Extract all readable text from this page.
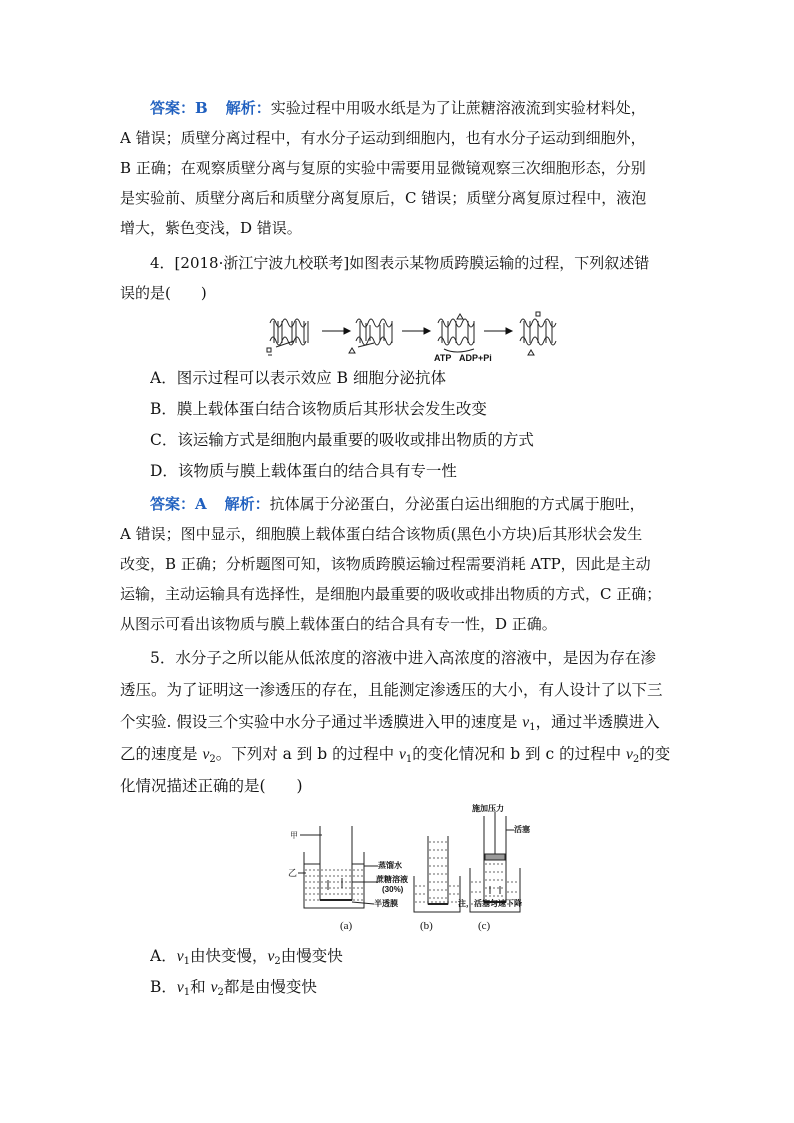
答案：B 解析：实验过程中用吸水纸是为了让蔗糖溶液流到实验材料处，
A 错误；质壁分离过程中，有水分子运动到细胞内，也有水分子运动到细胞外，
B 正确；在观察质壁分离与复原的实验中需要用显微镜观察三次细胞形态，分别
是实验前、质壁分离后和质壁分离复原后，C 错误；质壁分离复原过程中，液泡
增大，紫色变浅，D 错误。
4．[2018·浙江宁波九校联考]如图表示某物质跨膜运输的过程，下列叙述错
误的是(　　)
ATP ADP+Pi
A．图示过程可以表示效应 B 细胞分泌抗体
B．膜上载体蛋白结合该物质后其形状会发生改变
C．该运输方式是细胞内最重要的吸收或排出物质的方式
D．该物质与膜上载体蛋白的结合具有专一性
答案：A 解析：抗体属于分泌蛋白，分泌蛋白运出细胞的方式属于胞吐，
A 错误；图中显示，细胞膜上载体蛋白结合该物质(黑色小方块)后其形状会发生
改变，B 正确；分析题图可知，该物质跨膜运输过程需要消耗 ATP，因此是主动
运输，主动运输具有选择性，是细胞内最重要的吸收或排出物质的方式，C 正确；
从图示可看出该物质与膜上载体蛋白的结合具有专一性，D 正确。
5．水分子之所以能从低浓度的溶液中进入高浓度的溶液中，是因为存在渗
透压。为了证明这一渗透压的存在，且能测定渗透压的大小，有人设计了以下三
个实验. 假设三个实验中水分子通过半透膜进入甲的速度是 $v_1$，通过半透膜进入
乙的速度是 $v_2$。下列对 a 到 b 的过程中 $v_1$的变化情况和 b 到 c 的过程中 $v_2$的变
化情况描述正确的是(　　)
甲
乙
蒸馏水
蔗糖溶液
(30%)
半透膜
(a)	(b)
施加压力
活塞
注，活塞匀速下降
(c)
A．$v_1$由快变慢，$v_2$由慢变快
B．$v_1$和 $v_2$都是由慢变快
